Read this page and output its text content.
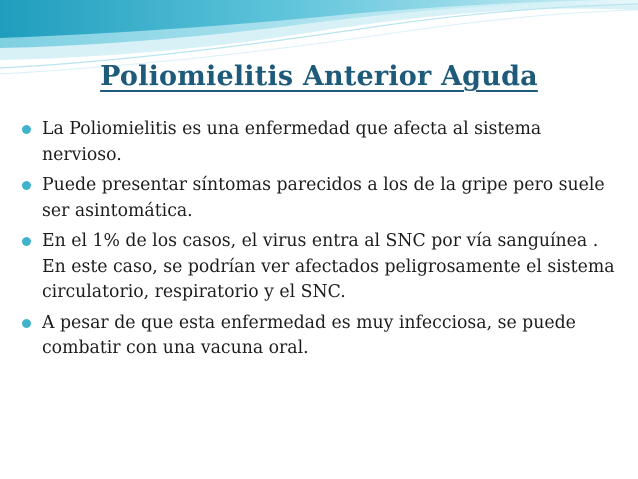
Poliomielitis Anterior Aguda
La Poliomielitis es una enfermedad que afecta al sistema nervioso.
Puede presentar síntomas parecidos a los de la gripe pero suele ser asintomática.
En el 1% de los casos, el virus entra al SNC por vía sanguínea . En este caso, se podrían ver afectados peligrosamente el sistema circulatorio, respiratorio y el SNC.
A pesar de que esta enfermedad es muy infecciosa, se puede combatir con una vacuna oral.
